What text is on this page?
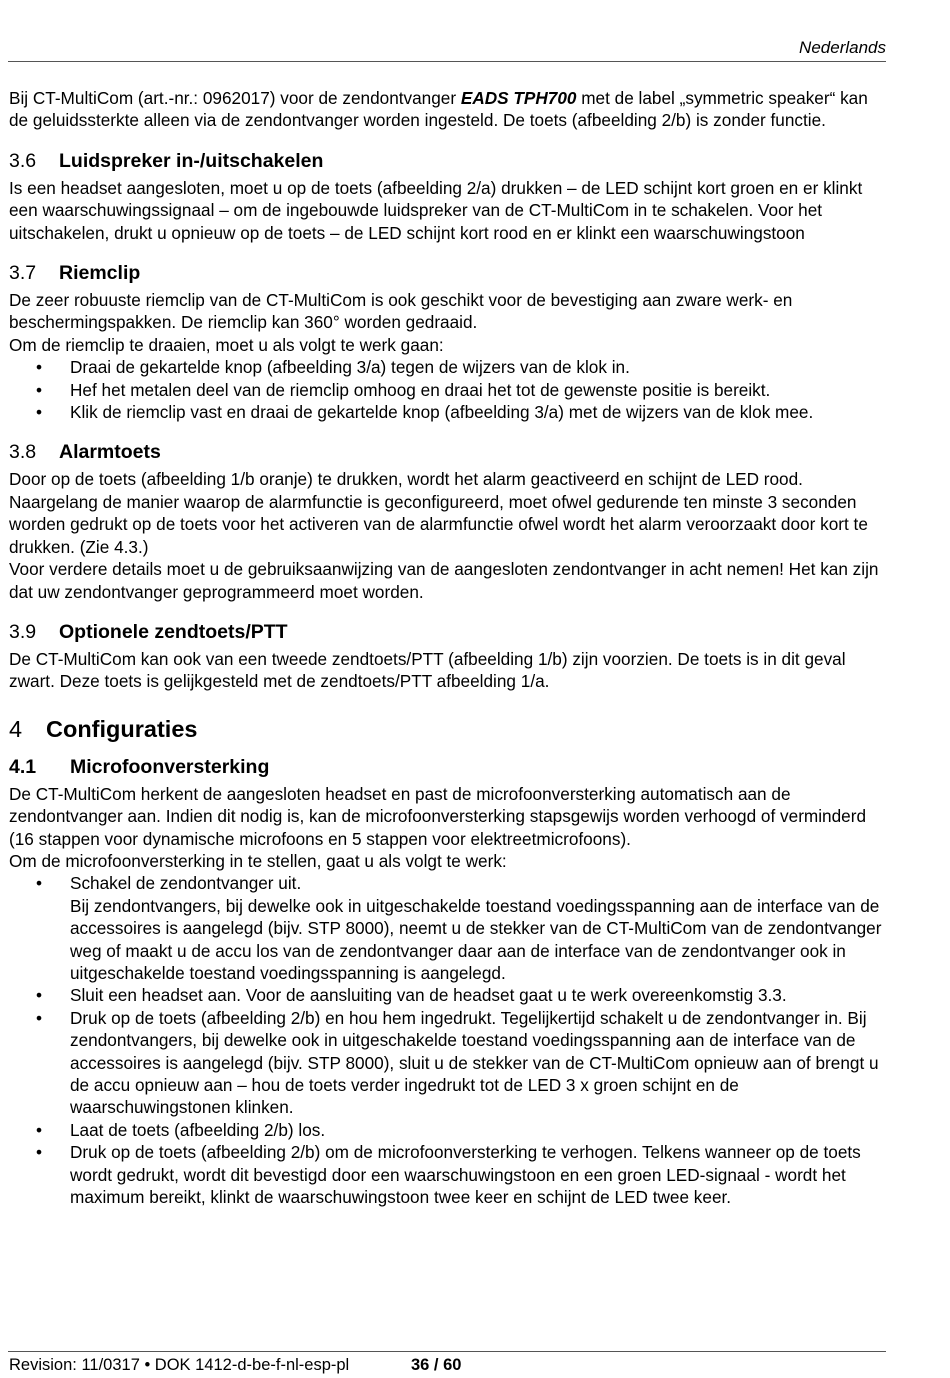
Nederlands

Bij CT-MultiCom (art.-nr.: 0962017) voor de zendontvanger EADS TPH700 met de label „symmetric speaker“ kan de geluidssterkte alleen via de zendontvanger worden ingesteld. De toets (afbeelding 2/b) is zonder functie.

3.6 Luidspreker in-/uitschakelen

Is een headset aangesloten, moet u op de toets (afbeelding 2/a) drukken – de LED schijnt kort groen en er klinkt een waarschuwingssignaal – om de ingebouwde luidspreker van de CT-MultiCom in te schakelen. Voor het uitschakelen, drukt u opnieuw op de toets – de LED schijnt kort rood en er klinkt een waarschuwingstoon

3.7 Riemclip

De zeer robuuste riemclip van de CT-MultiCom is ook geschikt voor de bevestiging aan zware werk- en beschermingspakken. De riemclip kan 360° worden gedraaid.

Om de riemclip te draaien, moet u als volgt te werk gaan:

• Draai de gekartelde knop (afbeelding 3/a) tegen de wijzers van de klok in.
• Hef het metalen deel van de riemclip omhoog en draai het tot de gewenste positie is bereikt.
• Klik de riemclip vast en draai de gekartelde knop (afbeelding 3/a) met de wijzers van de klok mee.
3.8 Alarmtoets

Door op de toets (afbeelding 1/b oranje) te drukken, wordt het alarm geactiveerd en schijnt de LED rood. Naargelang de manier waarop de alarmfunctie is geconfigureerd, moet ofwel gedurende ten minste 3 seconden worden gedrukt op de toets voor het activeren van de alarmfunctie ofwel wordt het alarm veroorzaakt door kort te drukken. (Zie 4.3.)

Voor verdere details moet u de gebruiksaanwijzing van de aangesloten zendontvanger in acht nemen! Het kan zijn dat uw zendontvanger geprogrammeerd moet worden.

3.9 Optionele zendtoets/PTT

De CT-MultiCom kan ook van een tweede zendtoets/PTT (afbeelding 1/b) zijn voorzien. De toets is in dit geval zwart. Deze toets is gelijkgesteld met de zendtoets/PTT afbeelding 1/a.

4 Configuraties
4.1 Microfoonversterking

De CT-MultiCom herkent de aangesloten headset en past de microfoonversterking automatisch aan de zendontvanger aan. Indien dit nodig is, kan de microfoonversterking stapsgewijs worden verhoogd of verminderd (16 stappen voor dynamische microfoons en 5 stappen voor elektreetmicrofoons).

Om de microfoonversterking in te stellen, gaat u als volgt te werk:

• Schakel de zendontvanger uit.
Bij zendontvangers, bij dewelke ook in uitgeschakelde toestand voedingsspanning aan de interface van de accessoires is aangelegd (bijv. STP 8000), neemt u de stekker van de CT-MultiCom van de zendontvanger weg of maakt u de accu los van de zendontvanger daar aan de interface van de zendontvanger ook in uitgeschakelde toestand voedingsspanning is aangelegd.
• Sluit een headset aan. Voor de aansluiting van de headset gaat u te werk overeenkomstig 3.3.
• Druk op de toets (afbeelding 2/b) en hou hem ingedrukt. Tegelijkertijd schakelt u de zendontvanger in. Bij zendontvangers, bij dewelke ook in uitgeschakelde toestand voedingsspanning aan de interface van de accessoires is aangelegd (bijv. STP 8000), sluit u de stekker van de CT-MultiCom opnieuw aan of brengt u de accu opnieuw aan – hou de toets verder ingedrukt tot de LED 3 x groen schijnt en de waarschuwingstonen klinken.
• Laat de toets (afbeelding 2/b) los.
• Druk op de toets (afbeelding 2/b) om de microfoonversterking te verhogen. Telkens wanneer op de toets wordt gedrukt, wordt dit bevestigd door een waarschuwingstoon en een groen LED-signaal - wordt het maximum bereikt, klinkt de waarschuwingstoon twee keer en schijnt de LED twee keer.
Revision: 11/0317 • DOK 1412-d-be-f-nl-esp-pl	36 / 60
